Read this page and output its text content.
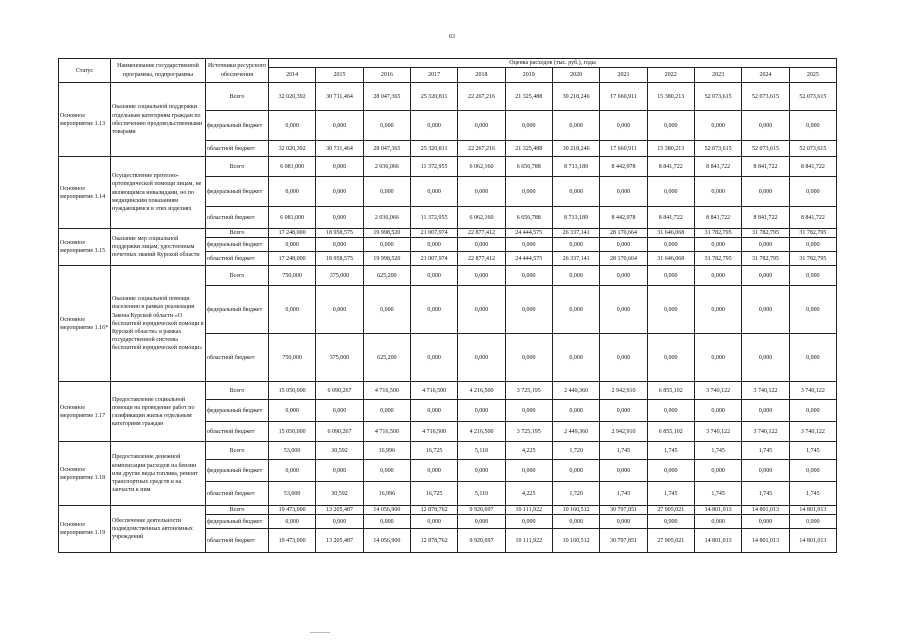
63
Статус	Наименование государственной программы, подпрограммы	Источники ресурсного обеспечения	Оценка расходов (тыс. руб.), годы											
			2014	2015	2016	2017	2018	2019	2020	2021	2022	2023	2024	2025
Основное мероприятие 1.13	Оказание социальной поддержки отдельным категориям граждан по обеспечению продовольственными товарами	Всего	32 020,392	30 711,464	28 047,365	25 320,811	22 267,216	21 325,488	30 218,246	17 660,911	15 380,213	52 073,615	52 073,615	52 073,615
		федеральный бюджет	0,000	0,000	0,000	0,000	0,000	0,000	0,000	0,000	0,000	0,000	0,000	0,000
		областной бюджет	32 020,392	30 711,464	28 047,365	25 320,811	22 267,216	21 325,488	30 218,246	17 660,911	15 380,213	52 073,615	52 073,615	52 073,615
Основное мероприятие 1.14	Осуществление протезно-ортопедической помощи лицам, не являющимся инвалидами, но по медицинским показаниям нуждающимся в этих изделиях	Всего	6 081,000	0,000	2 036,066	11 372,955	6 062,160	6 656,788	8 713,189	8 442,978	8 841,722	8 841,722	8 841,722	8 841,722
		федеральный бюджет	0,000	0,000	0,000	0,000	0,000	0,000	0,000	0,000	0,000	0,000	0,000	0,000
		областной бюджет	6 081,000	0,000	2 036,066	11 372,955	6 062,160	6 656,788	8 713,189	8 442,978	8 841,722	8 841,722	8 841,722	8 841,722
Основное мероприятие 1.15	Оказание мер социальной поддержки лицам, удостоенным почетных званий Курской области	Всего	17 248,000	18 958,575	19 998,520	21 007,974	22 877,412	24 444,575	26 337,141	28 170,664	31 646,068	31 782,795	31 782,795	31 782,795
		федеральный бюджет	0,000	0,000	0,000	0,000	0,000	0,000	0,000	0,000	0,000	0,000	0,000	0,000
		областной бюджет	17 248,000	18 958,575	19 998,520	21 007,974	22 877,412	24 444,575	26 337,141	28 170,664	31 646,068	31 782,795	31 782,795	31 782,795
Основное мероприятие 1.16*	Оказание социальной помощи населению в рамках реализации Закона Курской области «О бесплатной юридической помощи в Курской области» в рамках государственной системы бесплатной юридической помощи»	Всего	750,000	375,000	625,200	0,000	0,000	0,000	0,000	0,000	0,000	0,000	0,000	0,000
		федеральный бюджет	0,000	0,000	0,000	0,000	0,000	0,000	0,000	0,000	0,000	0,000	0,000	0,000
		областной бюджет	750,000	375,000	625,200	0,000	0,000	0,000	0,000	0,000	0,000	0,000	0,000	0,000
Основное мероприятие 1.17	Предоставление социальной помощи на проведение работ по газификации жилья отдельным категориям граждан	Всего	15 050,000	6 090,267	4 716,500	4 716,500	4 216,500	3 725,195	2 449,360	2 942,910	6 855,102	3 740,122	3 740,122	3 740,122
		федеральный бюджет	0,000	0,000	0,000	0,000	0,000	0,000	0,000	0,000	0,000	0,000	0,000	0,000
		областной бюджет	15 050,000	6 090,267	4 716,500	4 716,500	4 216,500	3 725,195	2 449,360	2 942,910	6 855,102	3 740,122	3 740,122	3 740,122
Основное мероприятие 1.18	Предоставление денежной компенсации расходов на бензин или другие виды топлива, ремонт транспортных средств и на запчасти к ним	Всего	53,000	30,592	16,996	16,725	5,110	4,225	1,720	1,745	1,745	1,745	1,745	1,745
		федеральный бюджет	0,000	0,000	0,000	0,000	0,000	0,000	0,000	0,000	0,000	0,000	0,000	0,000
		областной бюджет	53,000	30,592	16,996	16,725	5,110	4,225	1,720	1,745	1,745	1,745	1,745	1,745
Основное мероприятие 1.19	Обеспечение деятельности подведомственных автономных учреждений	Всего	19 473,000	13 205,487	14 056,900	12 878,762	9 920,697	10 111,922	10 160,512	30 797,851	27 905,021	14 801,013	14 801,013	14 801,013
		федеральный бюджет	0,000	0,000	0,000	0,000	0,000	0,000	0,000	0,000	0,000	0,000	0,000	0,000
		областной бюджет	19 473,000	13 205,487	14 056,900	12 878,762	9 920,697	10 111,922	10 160,512	30 797,851	27 905,021	14 801,013	14 801,013	14 801,013
